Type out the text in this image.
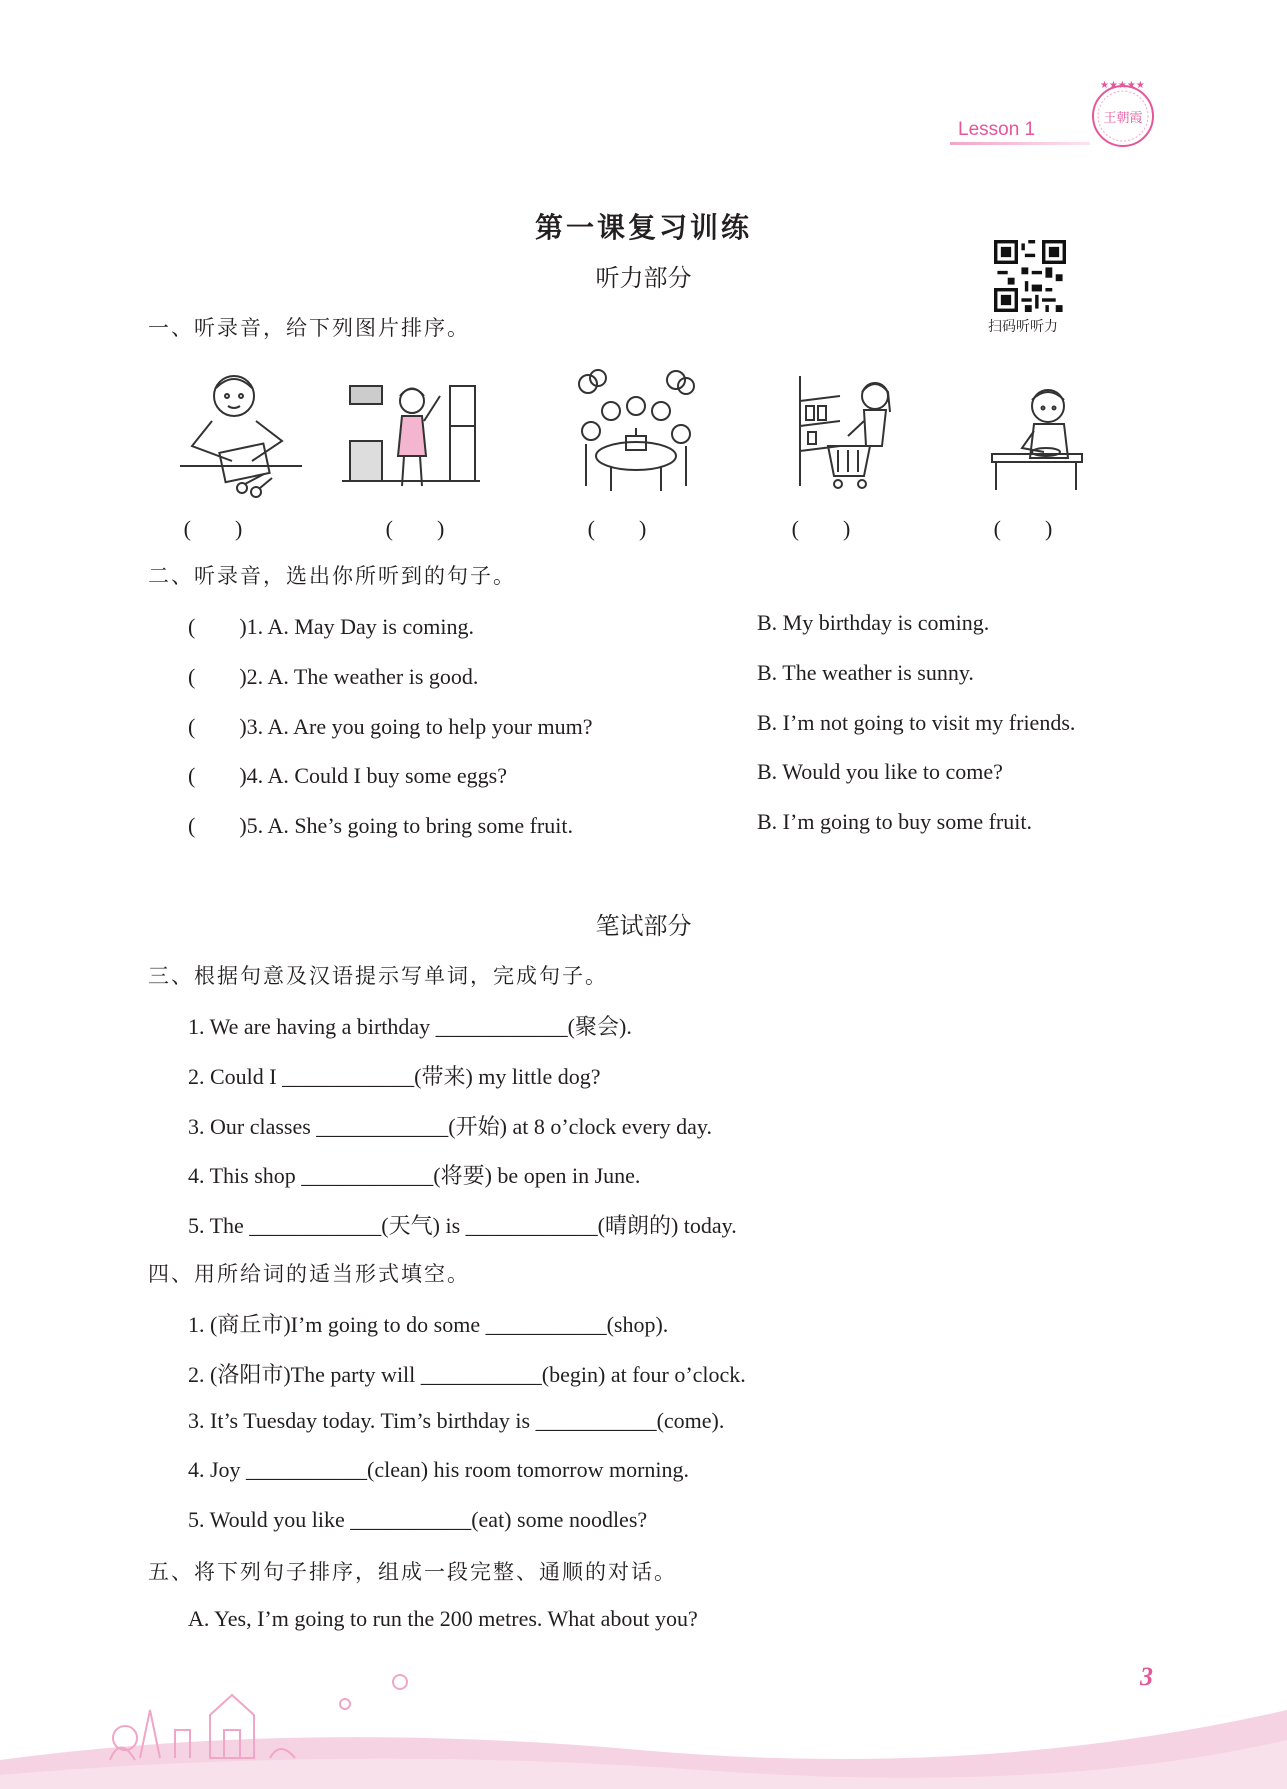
Lesson 1
★★★★★
王朝霞
第一课复习训练
听力部分
扫码听听力
一、听录音，给下列图片排序。
(　　)	(　　)	(　　)	(　　)	(　　)
二、听录音，选出你所听到的句子。
(　　)1. A. May Day is coming.	B. My birthday is coming.
(　　)2. A. The weather is good.	B. The weather is sunny.
(　　)3. A. Are you going to help your mum?	B. I’m not going to visit my friends.
(　　)4. A. Could I buy some eggs?	B. Would you like to come?
(　　)5. A. She’s going to bring some fruit.	B. I’m going to buy some fruit.
笔试部分
三、根据句意及汉语提示写单词，完成句子。
1. We are having a birthday ____________(聚会).
2. Could I ____________(带来) my little dog?
3. Our classes ____________(开始) at 8 o’clock every day.
4. This shop ____________(将要) be open in June.
5. The ____________(天气) is ____________(晴朗的) today.
四、用所给词的适当形式填空。
1. (商丘市)I’m going to do some ___________(shop).
2. (洛阳市)The party will ___________(begin) at four o’clock.
3. It’s Tuesday today. Tim’s birthday is ___________(come).
4. Joy ___________(clean) his room tomorrow morning.
5. Would you like ___________(eat) some noodles?
五、将下列句子排序，组成一段完整、通顺的对话。
A. Yes, I’m going to run the 200 metres. What about you?
3
